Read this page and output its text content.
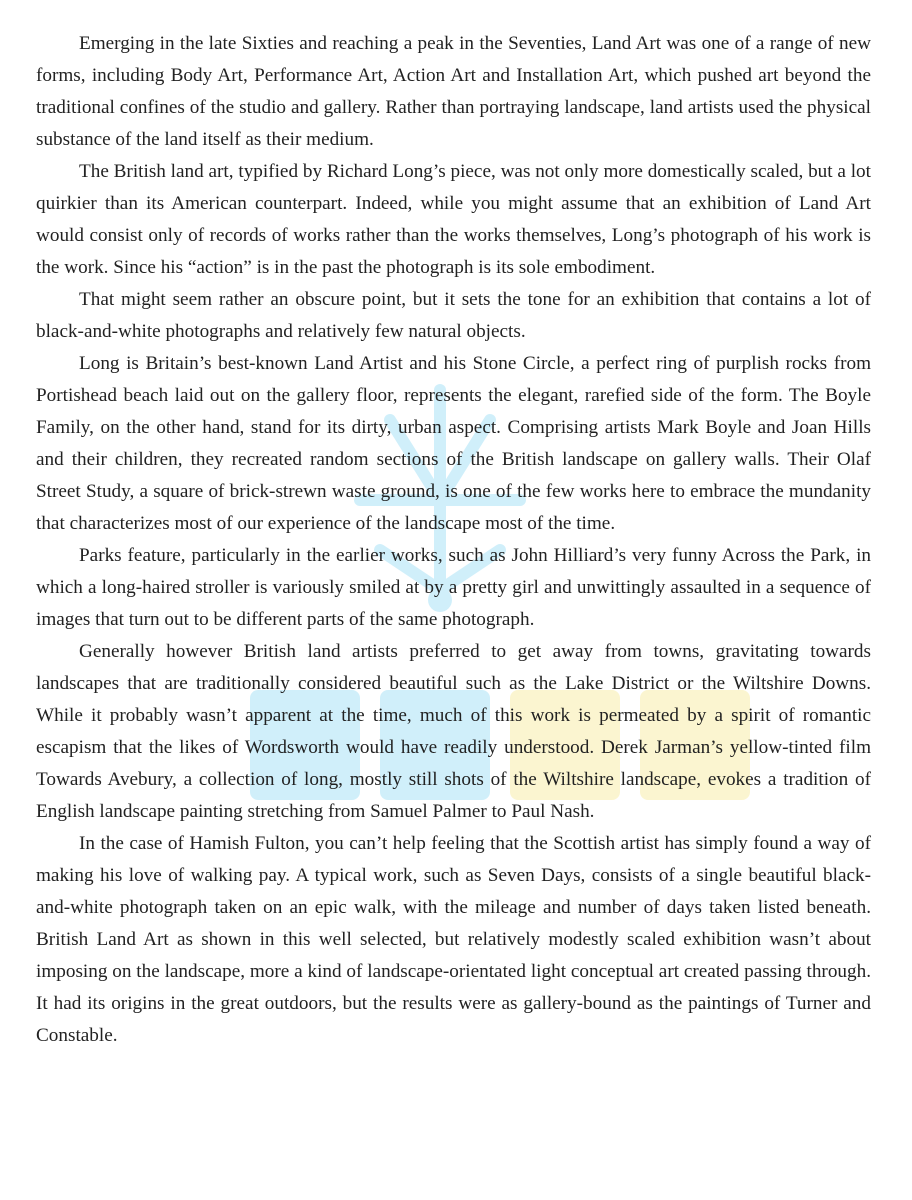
Emerging in the late Sixties and reaching a peak in the Seventies, Land Art was one of a range of new forms, including Body Art, Performance Art, Action Art and Installation Art, which pushed art beyond the traditional confines of the studio and gallery. Rather than portraying landscape, land artists used the physical substance of the land itself as their medium.

The British land art, typified by Richard Long’s piece, was not only more domestically scaled, but a lot quirkier than its American counterpart. Indeed, while you might assume that an exhibition of Land Art would consist only of records of works rather than the works themselves, Long’s photograph of his work is the work. Since his “action” is in the past the photograph is its sole embodiment.

That might seem rather an obscure point, but it sets the tone for an exhibition that contains a lot of black-and-white photographs and relatively few natural objects.

Long is Britain’s best-known Land Artist and his Stone Circle, a perfect ring of purplish rocks from Portishead beach laid out on the gallery floor, represents the elegant, rarefied side of the form. The Boyle Family, on the other hand, stand for its dirty, urban aspect. Comprising artists Mark Boyle and Joan Hills and their children, they recreated random sections of the British landscape on gallery walls. Their Olaf Street Study, a square of brick-strewn waste ground, is one of the few works here to embrace the mundanity that characterizes most of our experience of the landscape most of the time.

Parks feature, particularly in the earlier works, such as John Hilliard’s very funny Across the Park, in which a long-haired stroller is variously smiled at by a pretty girl and unwittingly assaulted in a sequence of images that turn out to be different parts of the same photograph.

Generally however British land artists preferred to get away from towns, gravitating towards landscapes that are traditionally considered beautiful such as the Lake District or the Wiltshire Downs. While it probably wasn’t apparent at the time, much of this work is permeated by a spirit of romantic escapism that the likes of Wordsworth would have readily understood. Derek Jarman’s yellow-tinted film Towards Avebury, a collection of long, mostly still shots of the Wiltshire landscape, evokes a tradition of English landscape painting stretching from Samuel Palmer to Paul Nash.

In the case of Hamish Fulton, you can’t help feeling that the Scottish artist has simply found a way of making his love of walking pay. A typical work, such as Seven Days, consists of a single beautiful black-and-white photograph taken on an epic walk, with the mileage and number of days taken listed beneath. British Land Art as shown in this well selected, but relatively modestly scaled exhibition wasn’t about imposing on the landscape, more a kind of landscape-orientated light conceptual art created passing through. It had its origins in the great outdoors, but the results were as gallery-bound as the paintings of Turner and Constable.
